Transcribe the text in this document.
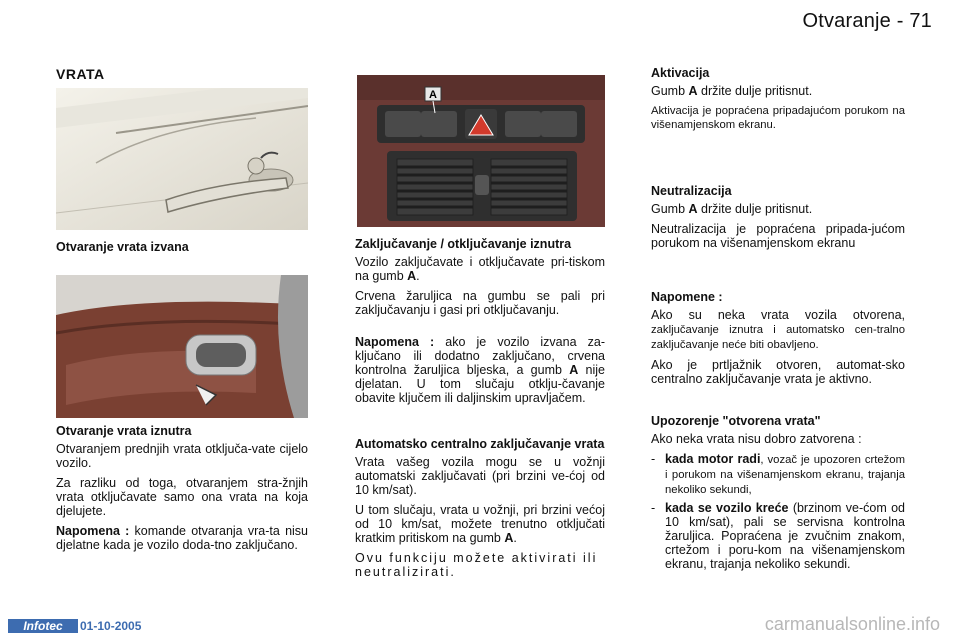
Otvaranje - 71
VRATA

Otvaranje vrata izvana

Otvaranje vrata iznutra

Otvaranjem prednjih vrata otključa-vate cijelo vozilo.

Za razliku od toga, otvaranjem stra-žnjih vrata otključavate samo ona vrata na koja djelujete.

Napomena : komande otvaranja vra-ta nisu djelatne kada je vozilo doda-tno zaključano.

A

Zaključavanje / otključavanje iznutra

Vozilo zaključavate i otključavate pri-tiskom na gumb A.

Crvena žaruljica na gumbu se pali pri zaključavanju i gasi pri otključavanju.

Napomena : ako je vozilo izvana za-ključano ili dodatno zaključano, crvena kontrolna žaruljica bljeska, a gumb A nije djelatan. U tom slučaju otklju-čavanje obavite ključem ili daljinskim upravljačem.

Automatsko centralno zaključavanje vrata

Vrata vašeg vozila mogu se u vožnji automatski zaključavati (pri brzini ve-ćoj od 10 km/sat).

U tom slučaju, vrata u vožnji, pri brzini većoj od 10 km/sat, možete trenutno otključati kratkim pritiskom na gumb A.

Ovu funkciju možete aktivirati ili neutralizirati.

Aktivacija

Gumb A držite dulje pritisnut.

Aktivacija je popraćena pripadajućom porukom na višenamjenskom ekranu.

Neutralizacija

Gumb A držite dulje pritisnut.

Neutralizacija je popraćena pripada-jućom porukom na višenamjenskom ekranu

Napomene :

Ako su neka vrata vozila otvorena, zaključavanje iznutra i automatsko cen-tralno zaključavanje neće biti obavljeno.

Ako je prtljažnik otvoren, automat-sko centralno zaključavanje vrata je aktivno.

Upozorenje "otvorena vrata"

Ako neka vrata nisu dobro zatvorena :

- kada motor radi, vozač je upozoren crtežom i porukom na višenamjenskom ekranu, trajanja nekoliko sekundi,
- kada se vozilo kreće (brzinom ve-ćom od 10 km/sat), pali se servisna kontrolna žaruljica. Popraćena je zvučnim znakom, crtežom i poru-kom na višenamjenskom ekranu, trajanja nekoliko sekundi.
Infotec	01-10-2005	carmanualsonline.info
